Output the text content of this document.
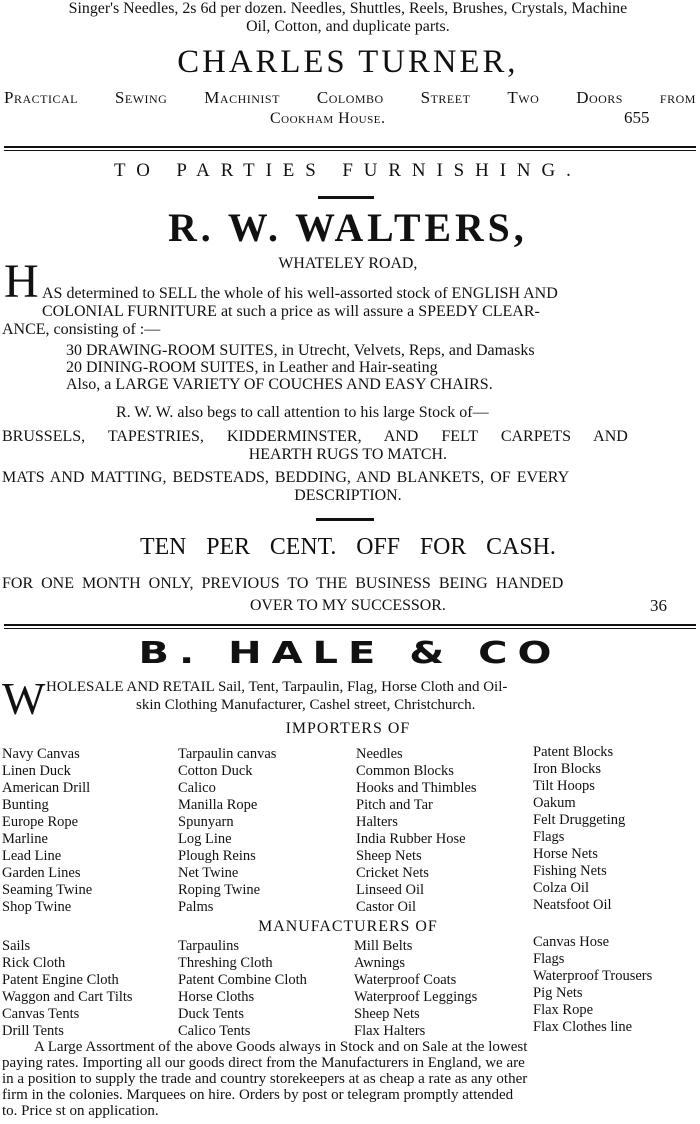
Singer's Needles, 2s 6d per dozen. Needles, Shuttles, Reels, Brushes, Crystals, Machine
Oil, Cotton, and duplicate parts.
CHARLES TURNER,
Practical Sewing Machinist Colombo Street Two Doors from
Cookham House.	655
TO PARTIES FURNISHING.
R. W. WALTERS,
WHATELEY ROAD,
H AS determined to SELL the whole of his well-assorted stock of ENGLISH AND
COLONIAL FURNITURE at such a price as will assure a SPEEDY CLEAR-
ANCE, consisting of :—
30 DRAWING-ROOM SUITES, in Utrecht, Velvets, Reps, and Damasks
20 DINING-ROOM SUITES, in Leather and Hair-seating
Also, a LARGE VARIETY OF COUCHES AND EASY CHAIRS.
R. W. W. also begs to call attention to his large Stock of—
BRUSSELS, TAPESTRIES, KIDDERMINSTER, AND FELT CARPETS AND
HEARTH RUGS TO MATCH.
MATS AND MATTING, BEDSTEADS, BEDDING, AND BLANKETS, OF EVERY
DESCRIPTION.
TEN PER CENT. OFF FOR CASH.
FOR ONE MONTH ONLY, PREVIOUS TO THE BUSINESS BEING HANDED
OVER TO MY SUCCESSOR.	36
B. HALE & CO
W HOLESALE AND RETAIL Sail, Tent, Tarpaulin, Flag, Horse Cloth and Oil-
skin Clothing Manufacturer, Cashel street, Christchurch.
IMPORTERS OF
Navy Canvas
Linen Duck
American Drill
Bunting
Europe Rope
Marline
Lead Line
Garden Lines
Seaming Twine
Shop Twine
Tarpaulin canvas
Cotton Duck
Calico
Manilla Rope
Spunyarn
Log Line
Plough Reins
Net Twine
Roping Twine
Palms
Needles
Common Blocks
Hooks and Thimbles
Pitch and Tar
Halters
India Rubber Hose
Sheep Nets
Cricket Nets
Linseed Oil
Castor Oil
Patent Blocks
Iron Blocks
Tilt Hoops
Oakum
Felt Druggeting
Flags
Horse Nets
Fishing Nets
Colza Oil
Neatsfoot Oil
MANUFACTURERS OF
Sails
Rick Cloth
Patent Engine Cloth
Waggon and Cart Tilts
Canvas Tents
Drill Tents
Tarpaulins
Threshing Cloth
Patent Combine Cloth
Horse Cloths
Duck Tents
Calico Tents
Mill Belts
Awnings
Waterproof Coats
Waterproof Leggings
Sheep Nets
Flax Halters
Canvas Hose
Flags
Waterproof Trousers
Pig Nets
Flax Rope
Flax Clothes line
A Large Assortment of the above Goods always in Stock and on Sale at the lowest
paying rates. Importing all our goods direct from the Manufacturers in England, we are
in a position to supply the trade and country storekeepers at as cheap a rate as any other
firm in the colonies. Marquees on hire. Orders by post or telegram promptly attended
to. Price st on application.
